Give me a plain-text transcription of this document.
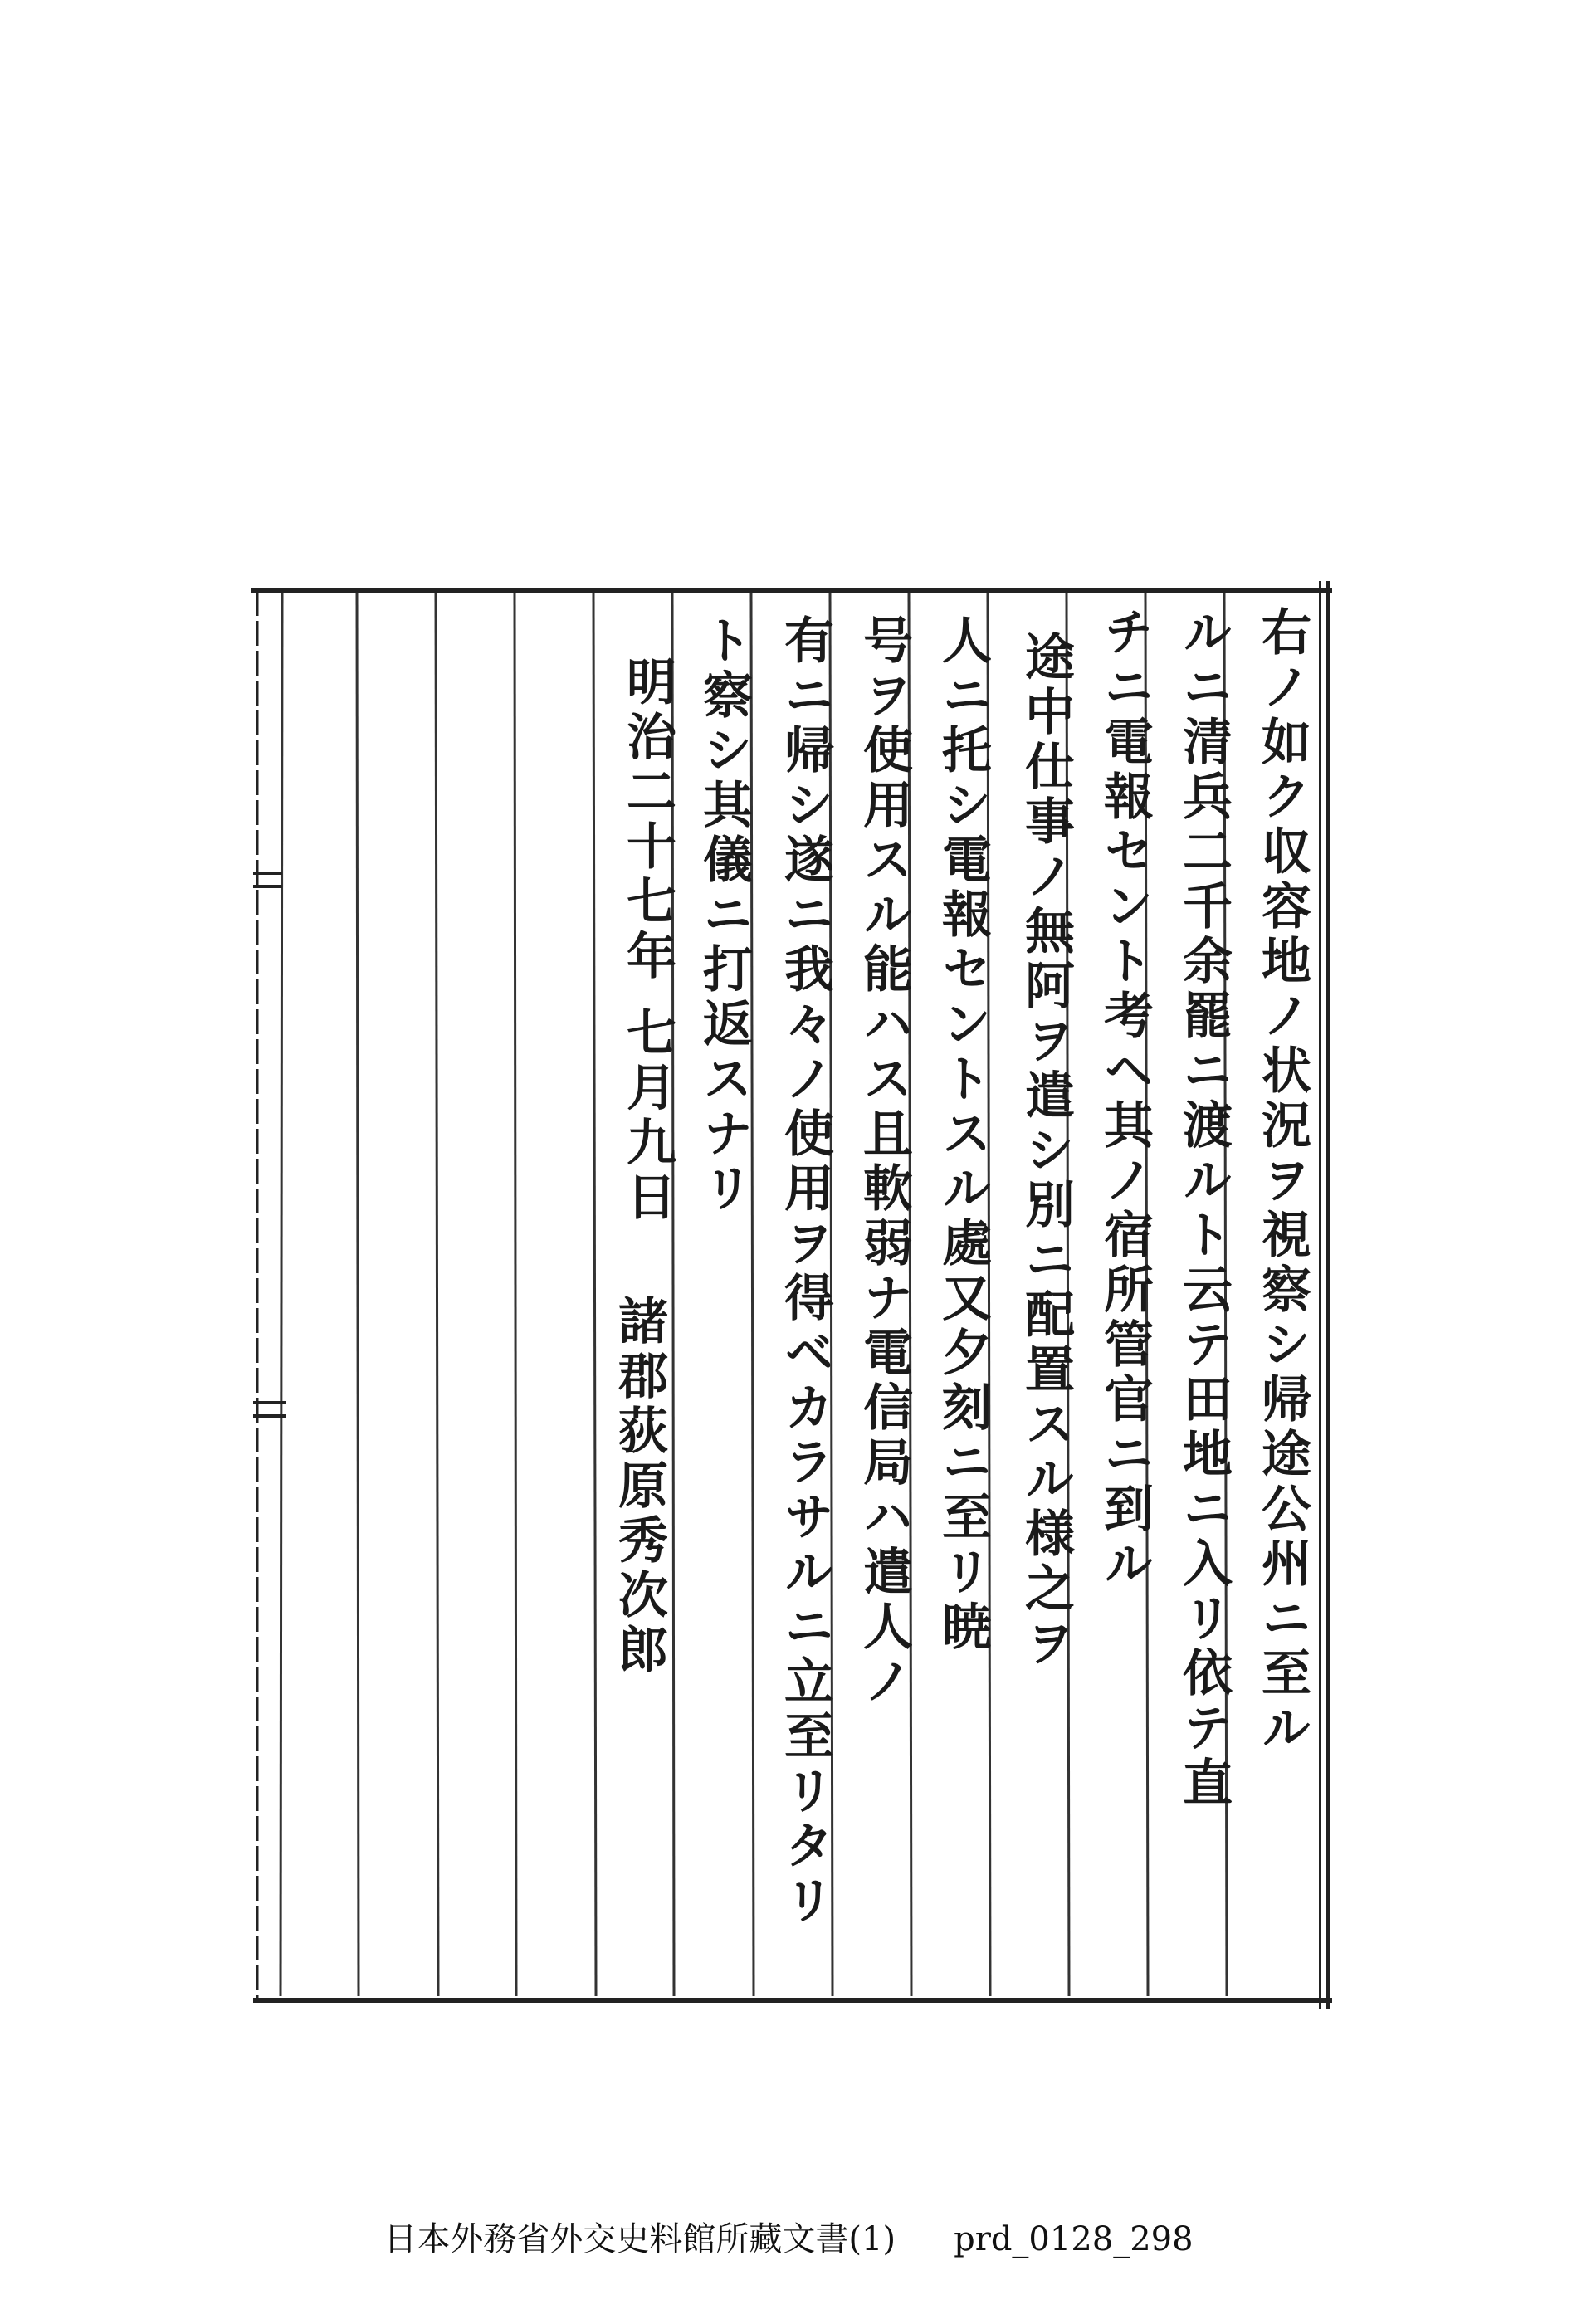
右ノ如ク収容地ノ状況ヲ視察シ帰途公州ニ至ル
ルニ清兵二千余罷ニ渡ルト云テ田地ニ入リ依テ直
チニ電報セント考ヘ其ノ宿所管官ニ到ル
途中仕事ノ無阿ヲ遣シ別ニ配置スル様之ヲ
人ニ托シ電報セントスル處又夕刻ニ至リ暁
号ヲ使用スル能ハス且軟弱ナ電信局ハ遣人ノ
有ニ帰シ遂ニ我々ノ使用ヲ得ベカラサルニ立至リタリ
ト察シ其儀ニ打返スナリ
明治二十七年 七月九日
諸郡荻原秀次郎
日本外務省外交史料館所藏文書(1) prd_0128_298
